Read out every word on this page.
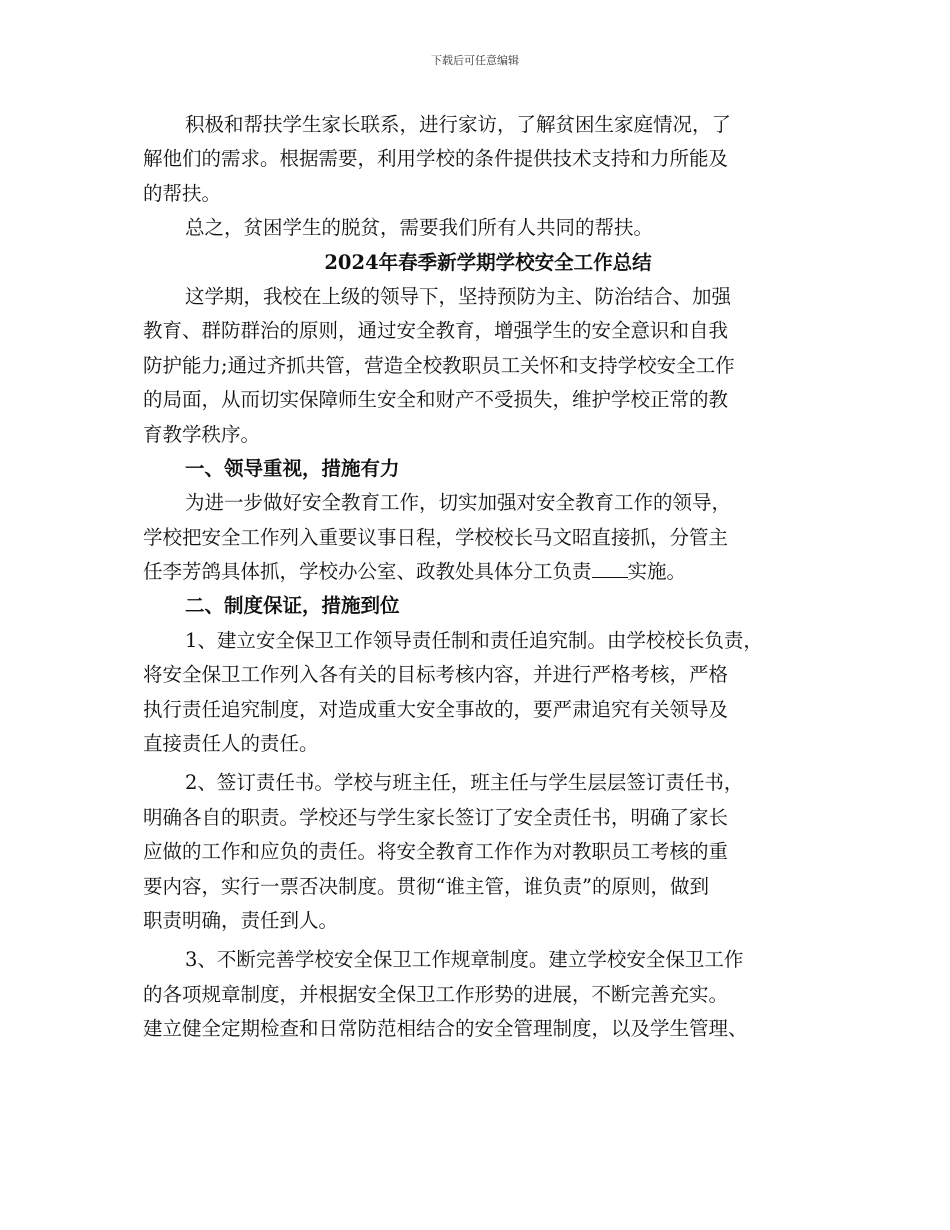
下载后可任意编辑
积极和帮扶学生家长联系，进行家访，了解贫困生家庭情况，了
解他们的需求。根据需要，利用学校的条件提供技术支持和力所能及
的帮扶。
总之，贫困学生的脱贫，需要我们所有人共同的帮扶。
2024年春季新学期学校安全工作总结
这学期，我校在上级的领导下，坚持预防为主、防治结合、加强
教育、群防群治的原则，通过安全教育，增强学生的安全意识和自我
防护能力;通过齐抓共管，营造全校教职员工关怀和支持学校安全工作
的局面，从而切实保障师生安全和财产不受损失，维护学校正常的教
育教学秩序。
一、领导重视，措施有力
为进一步做好安全教育工作，切实加强对安全教育工作的领导，
学校把安全工作列入重要议事日程，学校校长马文昭直接抓，分管主
任李芳鸽具体抓，学校办公室、政教处具体分工负责 实施。
二、制度保证，措施到位
1、建立安全保卫工作领导责任制和责任追究制。由学校校长负责，
将安全保卫工作列入各有关的目标考核内容，并进行严格考核，严格
执行责任追究制度，对造成重大安全事故的，要严肃追究有关领导及
直接责任人的责任。
2、签订责任书。学校与班主任，班主任与学生层层签订责任书，
明确各自的职责。学校还与学生家长签订了安全责任书，明确了家长
应做的工作和应负的责任。将安全教育工作作为对教职员工考核的重
要内容，实行一票否决制度。贯彻“谁主管，谁负责”的原则，做到
职责明确，责任到人。
3、不断完善学校安全保卫工作规章制度。建立学校安全保卫工作
的各项规章制度，并根据安全保卫工作形势的进展，不断完善充实。
建立健全定期检查和日常防范相结合的安全管理制度，以及学生管理、
